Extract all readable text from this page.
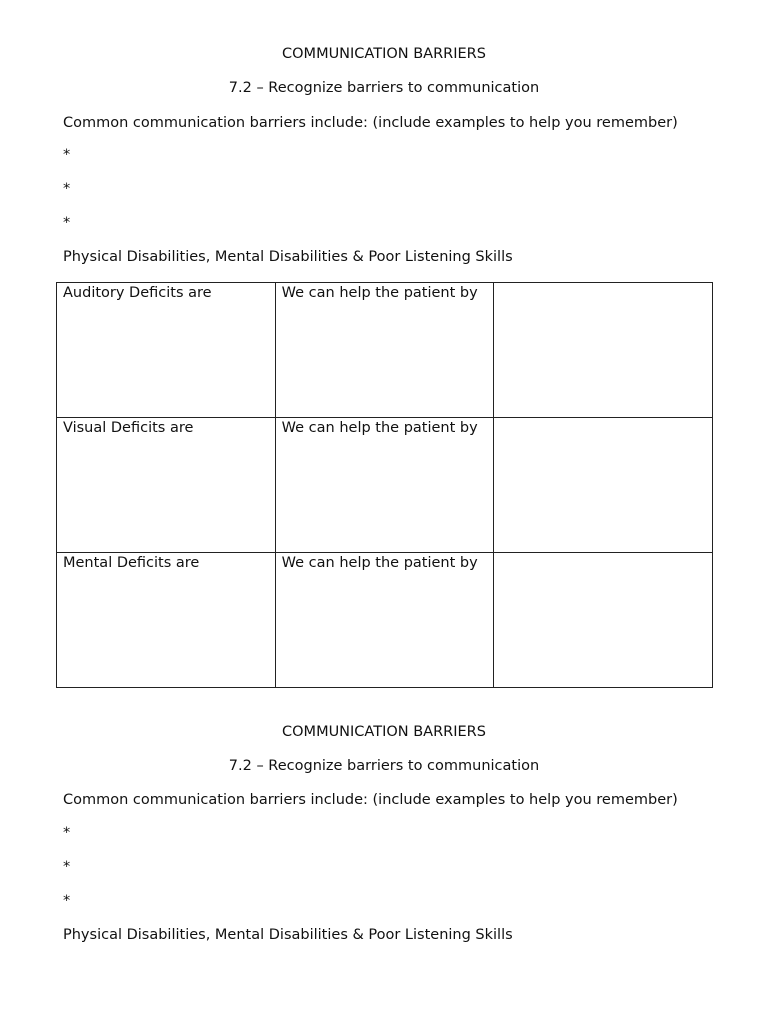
COMMUNICATION BARRIERS
7.2 – Recognize barriers to communication
Common communication barriers include: (include examples to help you remember)
*
*
*
Physical Disabilities, Mental Disabilities & Poor Listening Skills
Auditory Deficits are	We can help the patient by	

Visual Deficits are	We can help the patient by	

Mental Deficits are	We can help the patient by	

COMMUNICATION BARRIERS
7.2 – Recognize barriers to communication
Common communication barriers include: (include examples to help you remember)
*
*
*
Physical Disabilities, Mental Disabilities & Poor Listening Skills
